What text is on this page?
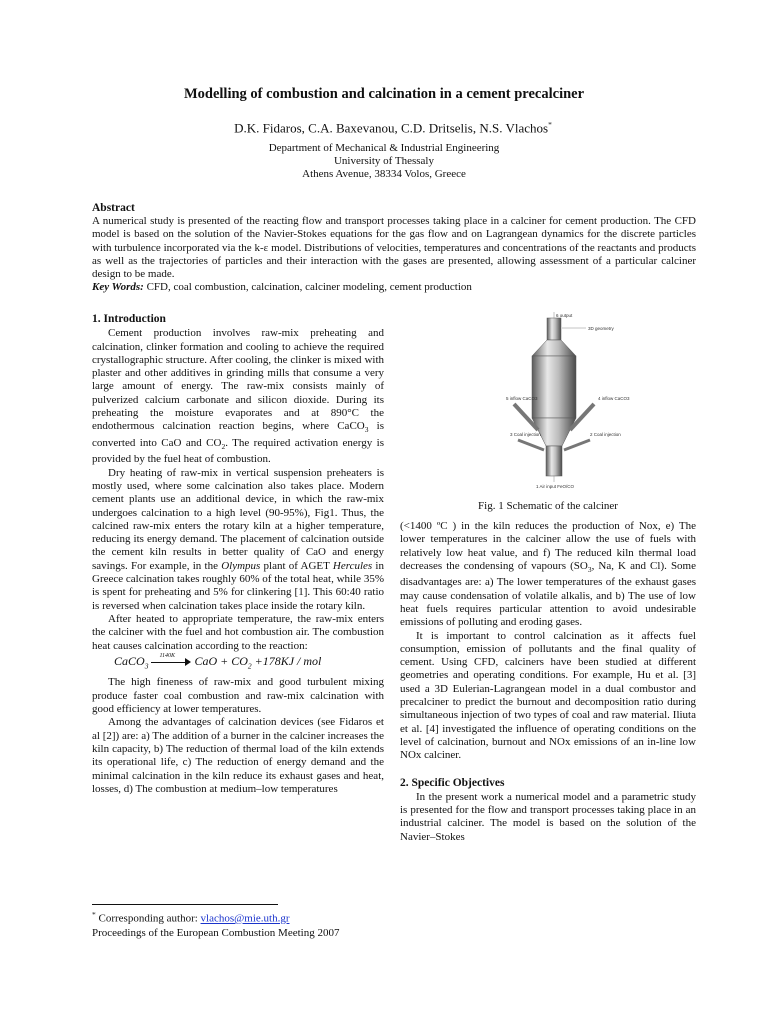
Modelling of combustion and calcination in a cement precalciner
D.K. Fidaros, C.A. Baxevanou, C.D. Dritselis, N.S. Vlachos*
Department of Mechanical & Industrial Engineering
University of Thessaly
Athens Avenue, 38334 Volos, Greece
Abstract

A numerical study is presented of the reacting flow and transport processes taking place in a calciner for cement production. The CFD model is based on the solution of the Navier-Stokes equations for the gas flow and on Lagrangean dynamics for the discrete particles with turbulence incorporated via the k-ε model. Distributions of velocities, temperatures and concentrations of the reactants and products as well as the trajectories of particles and their interaction with the gases are presented, allowing assessment of a particular calciner design to be made.

Key Words: CFD, coal combustion, calcination, calciner modeling, cement production

1. Introduction

Cement production involves raw-mix preheating and calcination, clinker formation and cooling to achieve the required crystallographic structure. After cooling, the clinker is mixed with plaster and other additives in grinding mills that consume a very large amount of energy. The raw-mix consists mainly of pulverized calcium carbonate and silicon dioxide. During its preheating the moisture evaporates and at 890°C the endothermous calcination reaction begins, where CaCO$_3$ is converted into CaO and $CO_2$. The required activation energy is provided by the fuel heat of combustion.

Dry heating of raw-mix in vertical suspension preheaters is mostly used, where some calcination also takes place. Modern cement plants use an additional device, in which the raw-mix undergoes calcination to a high level (90-95%), Fig1. Thus, the calcined raw-mix enters the rotary kiln at a higher temperature, reducing its energy demand. The placement of calcination outside the cement kiln results in better quality of CaO and energy savings. For example, in the Olympus plant of AGET Hercules in Greece calcination takes roughly 60% of the total heat, while 35% is spent for preheating and 5% for clinkering [1]. This 60:40 ratio is reversed when calcination takes place inside the rotary kiln.

After heated to appropriate temperature, the raw-mix enters the calciner with the fuel and hot combustion air. The combustion heat causes calcination according to the reaction:

CaCO$_3$
1140K CaO + $CO_2 +178KJ$ / mol

The high fineness of raw-mix and good turbulent mixing produce faster coal combustion and raw-mix calcination with good efficiency at lower temperatures.

Among the advantages of calcination devices (see Fidaros et al [2]) are: a) The addition of a burner in the calciner increases the kiln capacity, b) The reduction of thermal load of the kiln extends its operational life, c) The reduction of energy demand and the minimal calcination in the kiln reduce its exhaust gases and heat, losses, d) The combustion at medium–low temperatures

6 output
3D geometry
5 inflow CaCO3	4 inflow CaCO3
3 Coal injection	2 Coal injection
1 Air input FeO/CO
Fig. 1 Schematic of the calciner

(<1400 ºC ) in the kiln reduces the production of Nox, e) The lower temperatures in the calciner allow the use of fuels with relatively low heat value, and f) The reduced kiln thermal load decreases the condensing of vapours ($SO_3$, Na, K and Cl). Some disadvantages are: a) The lower temperatures of the exhaust gases may cause condensation of volatile alkalis, and b) The use of low heat fuels requires particular attention to avoid undesirable emissions of polluting and eroding gases.

It is important to control calcination as it affects fuel consumption, emission of pollutants and the final quality of cement. Using CFD, calciners have been studied at different geometries and operating conditions. For example, Hu et al. [3] used a 3D Eulerian-Lagrangean model in a dual combustor and precalciner to predict the burnout and decomposition ratio during simultaneous injection of two types of coal and raw material. Iliuta et al. [4] investigated the influence of operating conditions on the level of calcination, burnout and NOx emissions of an in-line low NOx calciner.

2. Specific Objectives

In the present work a numerical model and a parametric study is presented for the flow and transport processes taking place in an industrial calciner. The model is based on the solution of the Navier–Stokes

* Corresponding author: vlachos@mie.uth.gr
Proceedings of the European Combustion Meeting 2007
